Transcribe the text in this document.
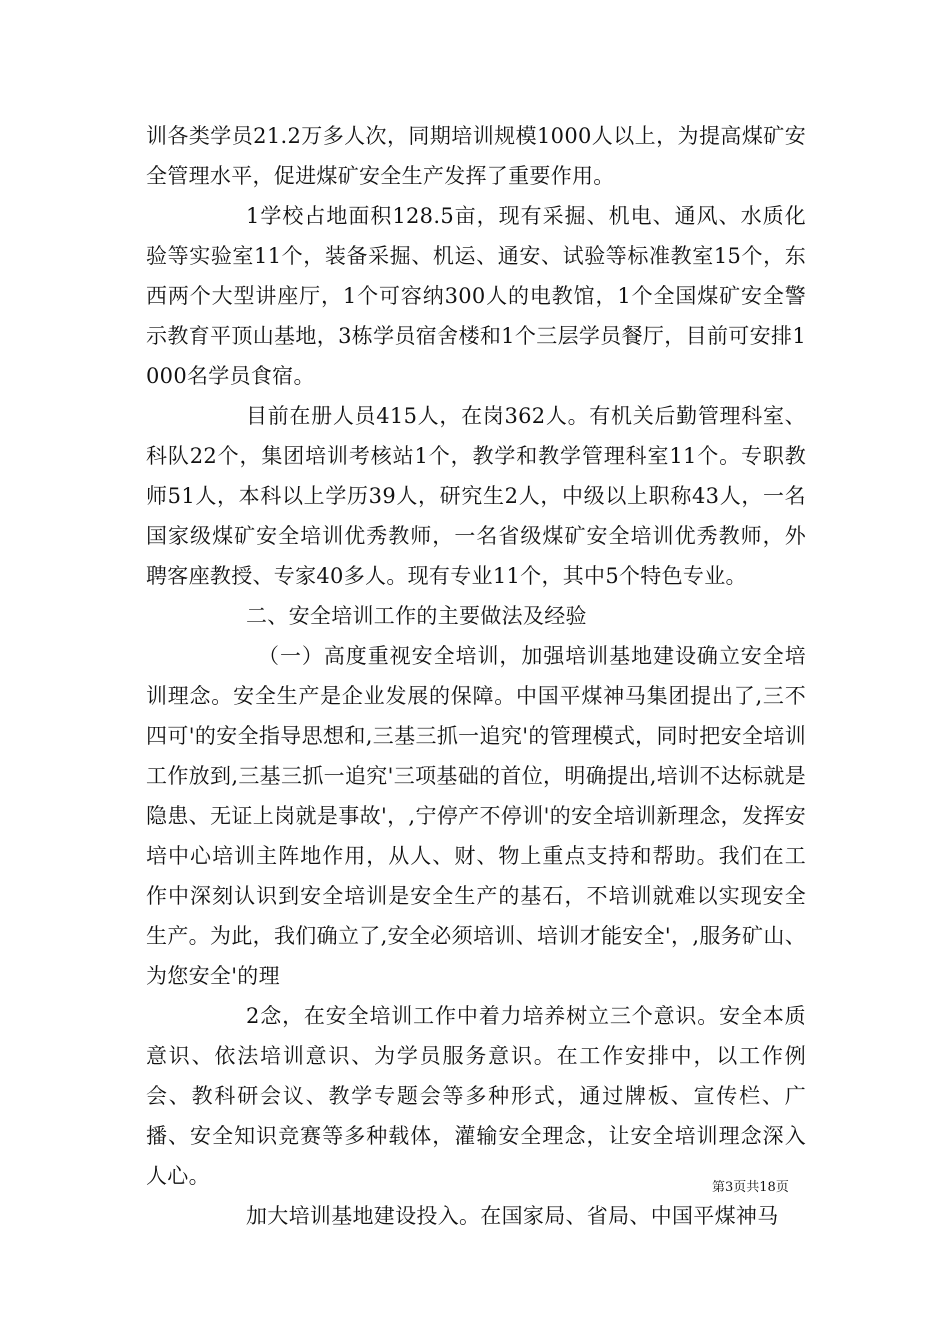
训各类学员21.2万多人次，同期培训规模1000人以上，为提高煤矿安全管理水平，促进煤矿安全生产发挥了重要作用。

1学校占地面积128.5亩，现有采掘、机电、通风、水质化验等实验室11个，装备采掘、机运、通安、试验等标准教室15个，东西两个大型讲座厅，1个可容纳300人的电教馆，1个全国煤矿安全警示教育平顶山基地，3栋学员宿舍楼和1个三层学员餐厅，目前可安排1000名学员食宿。

目前在册人员415人，在岗362人。有机关后勤管理科室、科队22个，集团培训考核站1个，教学和教学管理科室11个。专职教师51人，本科以上学历39人，研究生2人，中级以上职称43人，一名国家级煤矿安全培训优秀教师，一名省级煤矿安全培训优秀教师，外聘客座教授、专家40多人。现有专业11个，其中5个特色专业。

二、安全培训工作的主要做法及经验

（一）高度重视安全培训，加强培训基地建设确立安全培训理念。安全生产是企业发展的保障。中国平煤神马集团提出了,三不四可'的安全指导思想和,三基三抓一追究'的管理模式，同时把安全培训工作放到,三基三抓一追究'三项基础的首位，明确提出,培训不达标就是隐患、无证上岗就是事故'，,宁停产不停训'的安全培训新理念，发挥安培中心培训主阵地作用，从人、财、物上重点支持和帮助。我们在工作中深刻认识到安全培训是安全生产的基石，不培训就难以实现安全生产。为此，我们确立了,安全必须培训、培训才能安全'，,服务矿山、为您安全'的理

2念，在安全培训工作中着力培养树立三个意识。安全本质意识、依法培训意识、为学员服务意识。在工作安排中，以工作例会、教科研会议、教学专题会等多种形式，通过牌板、宣传栏、广播、安全知识竞赛等多种载体，灌输安全理念，让安全培训理念深入人心。

加大培训基地建设投入。在国家局、省局、中国平煤神马

第3页共18页
